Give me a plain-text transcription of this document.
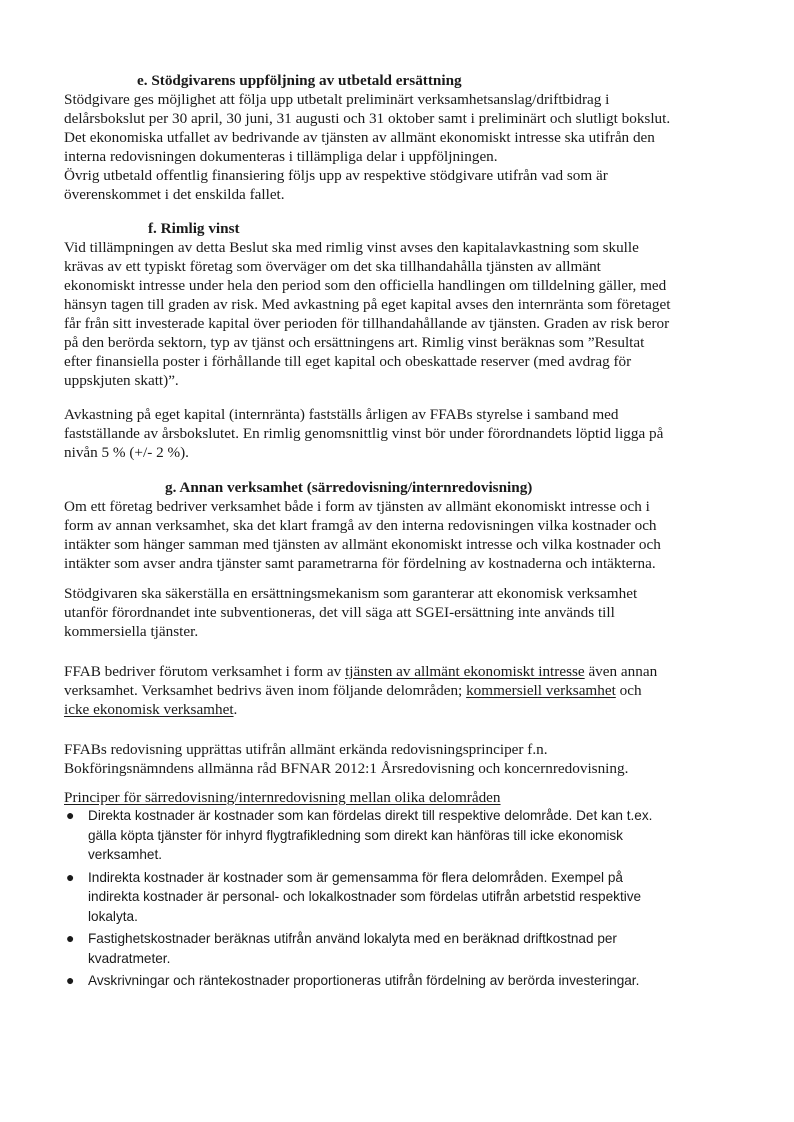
e. Stödgivarens uppföljning av utbetald ersättning
Stödgivare ges möjlighet att följa upp utbetalt preliminärt verksamhetsanslag/driftbidrag i
delårsbokslut per 30 april, 30 juni, 31 augusti och 31 oktober samt i preliminärt och slutligt bokslut.
Det ekonomiska utfallet av bedrivande av tjänsten av allmänt ekonomiskt intresse ska utifrån den
interna redovisningen dokumenteras i tillämpliga delar i uppföljningen.
Övrig utbetald offentlig finansiering följs upp av respektive stödgivare utifrån vad som är
överenskommet i det enskilda fallet.
f. Rimlig vinst
Vid tillämpningen av detta Beslut ska med rimlig vinst avses den kapitalavkastning som skulle
krävas av ett typiskt företag som överväger om det ska tillhandahålla tjänsten av allmänt
ekonomiskt intresse under hela den period som den officiella handlingen om tilldelning gäller, med
hänsyn tagen till graden av risk. Med avkastning på eget kapital avses den internränta som företaget
får från sitt investerade kapital över perioden för tillhandahållande av tjänsten. Graden av risk beror
på den berörda sektorn, typ av tjänst och ersättningens art. Rimlig vinst beräknas som ”Resultat
efter finansiella poster i förhållande till eget kapital och obeskattade reserver (med avdrag för
uppskjuten skatt)”.
Avkastning på eget kapital (internränta) fastställs årligen av FFABs styrelse i samband med
fastställande av årsbokslutet. En rimlig genomsnittlig vinst bör under förordnandets löptid ligga på
nivån 5 % (+/- 2 %).
g. Annan verksamhet (särredovisning/internredovisning)
Om ett företag bedriver verksamhet både i form av tjänsten av allmänt ekonomiskt intresse och i
form av annan verksamhet, ska det klart framgå av den interna redovisningen vilka kostnader och
intäkter som hänger samman med tjänsten av allmänt ekonomiskt intresse och vilka kostnader och
intäkter som avser andra tjänster samt parametrarna för fördelning av kostnaderna och intäkterna.
Stödgivaren ska säkerställa en ersättningsmekanism som garanterar att ekonomisk verksamhet
utanför förordnandet inte subventioneras, det vill säga att SGEI-ersättning inte används till
kommersiella tjänster.
FFAB bedriver förutom verksamhet i form av tjänsten av allmänt ekonomiskt intresse även annan
verksamhet. Verksamhet bedrivs även inom följande delområden; kommersiell verksamhet och
icke ekonomisk verksamhet.
FFABs redovisning upprättas utifrån allmänt erkända redovisningsprinciper f.n.
Bokföringsnämndens allmänna råd BFNAR 2012:1 Årsredovisning och koncernredovisning.
Principer för särredovisning/internredovisning mellan olika delområden
● Direkta kostnader är kostnader som kan fördelas direkt till respektive delområde. Det kan t.ex.
gälla köpta tjänster för inhyrd flygtrafikledning som direkt kan hänföras till icke ekonomisk
verksamhet.
● Indirekta kostnader är kostnader som är gemensamma för flera delområden. Exempel på
indirekta kostnader är personal- och lokalkostnader som fördelas utifrån arbetstid respektive
lokalyta.
● Fastighetskostnader beräknas utifrån använd lokalyta med en beräknad driftkostnad per
kvadratmeter.
● Avskrivningar och räntekostnader proportioneras utifrån fördelning av berörda investeringar.
